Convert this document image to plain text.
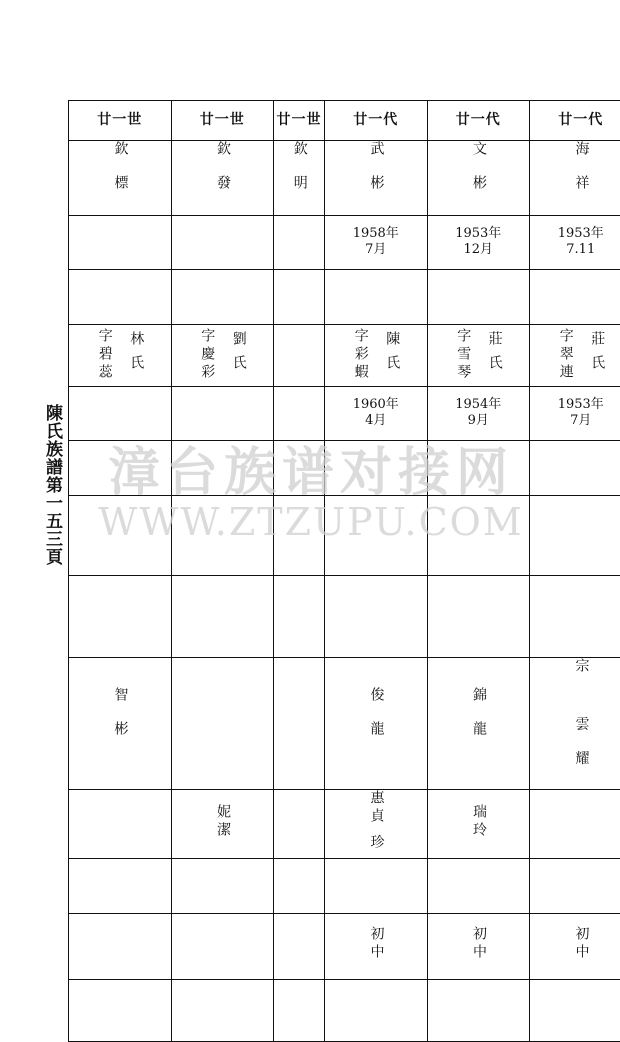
陳氏族譜第一五三頁
廿一世	廿一世	廿一世	廿一代	廿一代	廿一代		
欽標	欽發	欽明	武彬	文彬	海祥		
			1958年7月	1953年12月	1953年7.11		

字碧蕊 林氏	字慶彩 劉氏		字彩蝦 陳氏	字雪琴 莊氏	字翠連 莊氏

			1960年4月	1954年9月	1953年7月		

智彬			俊龍	錦龍	宗 雲耀		
	妮潔		惠貞 珍	瑞玲			

			初中	初中	初中		

漳台族谱对接网
WWW.ZTZUPU.COM
